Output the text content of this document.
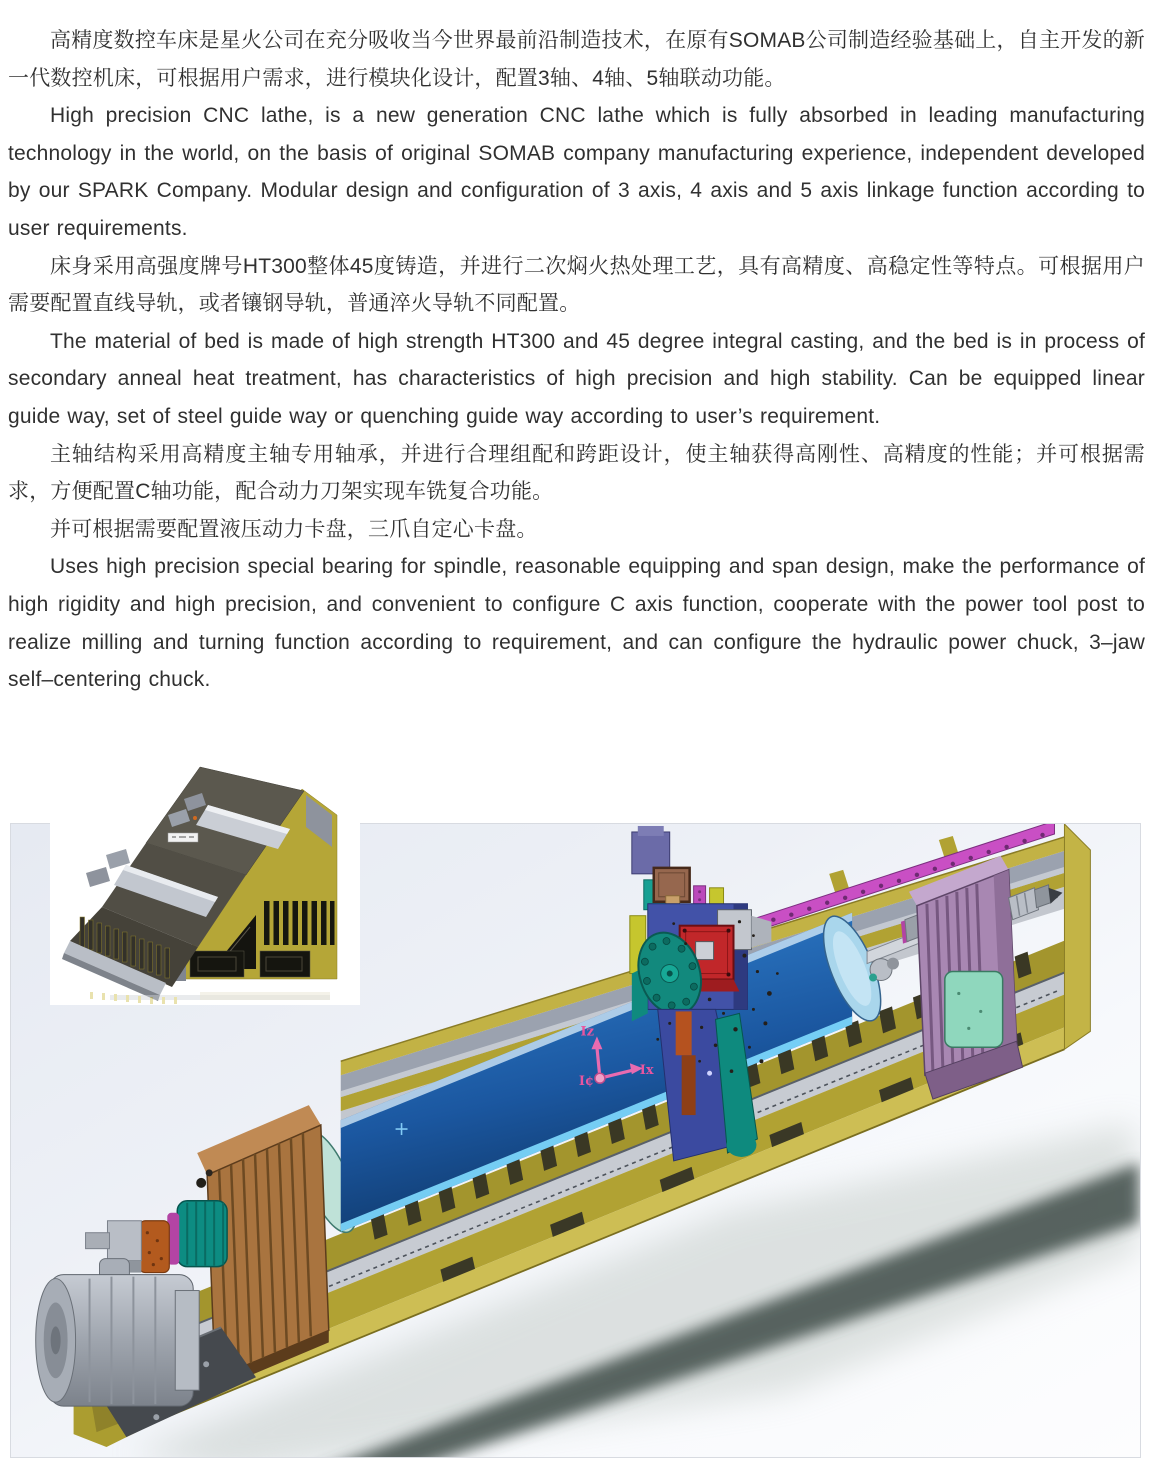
高精度数控车床是星火公司在充分吸收当今世界最前沿制造技术，在原有SOMAB公司制造经验基础上，自主开发的新一代数控机床，可根据用户需求，进行模块化设计，配置3轴、4轴、5轴联动功能。

High precision CNC lathe, is a new generation CNC lathe which is fully absorbed in leading manufacturing technology in the world, on the basis of original SOMAB company manufacturing experience, independent developed by our SPARK Company. Modular design and configuration of 3 axis, 4 axis and 5 axis linkage function according to user requirements.

床身采用高强度牌号HT300整体45度铸造，并进行二次焖火热处理工艺，具有高精度、高稳定性等特点。可根据用户需要配置直线导轨，或者镶钢导轨，普通淬火导轨不同配置。

The material of bed is made of high strength HT300 and 45 degree integral casting, and the bed is in process of secondary anneal heat treatment, has characteristics of high precision and high stability. Can be equipped linear guide way, set of steel guide way or quenching guide way according to user’s requirement.

主轴结构采用高精度主轴专用轴承，并进行合理组配和跨距设计，使主轴获得高刚性、高精度的性能；并可根据需求，方便配置C轴功能，配合动力刀架实现车铣复合功能。

并可根据需要配置液压动力卡盘，三爪自定心卡盘。

Uses high precision special bearing for spindle, reasonable equipping and span design, make the performance of high rigidity and high precision, and convenient to configure C axis function, cooperate with the power tool post to realize milling and turning function according to requirement, and can configure the hydraulic power chuck, 3–jaw self–centering chuck.

Iz
Ix
I¢
